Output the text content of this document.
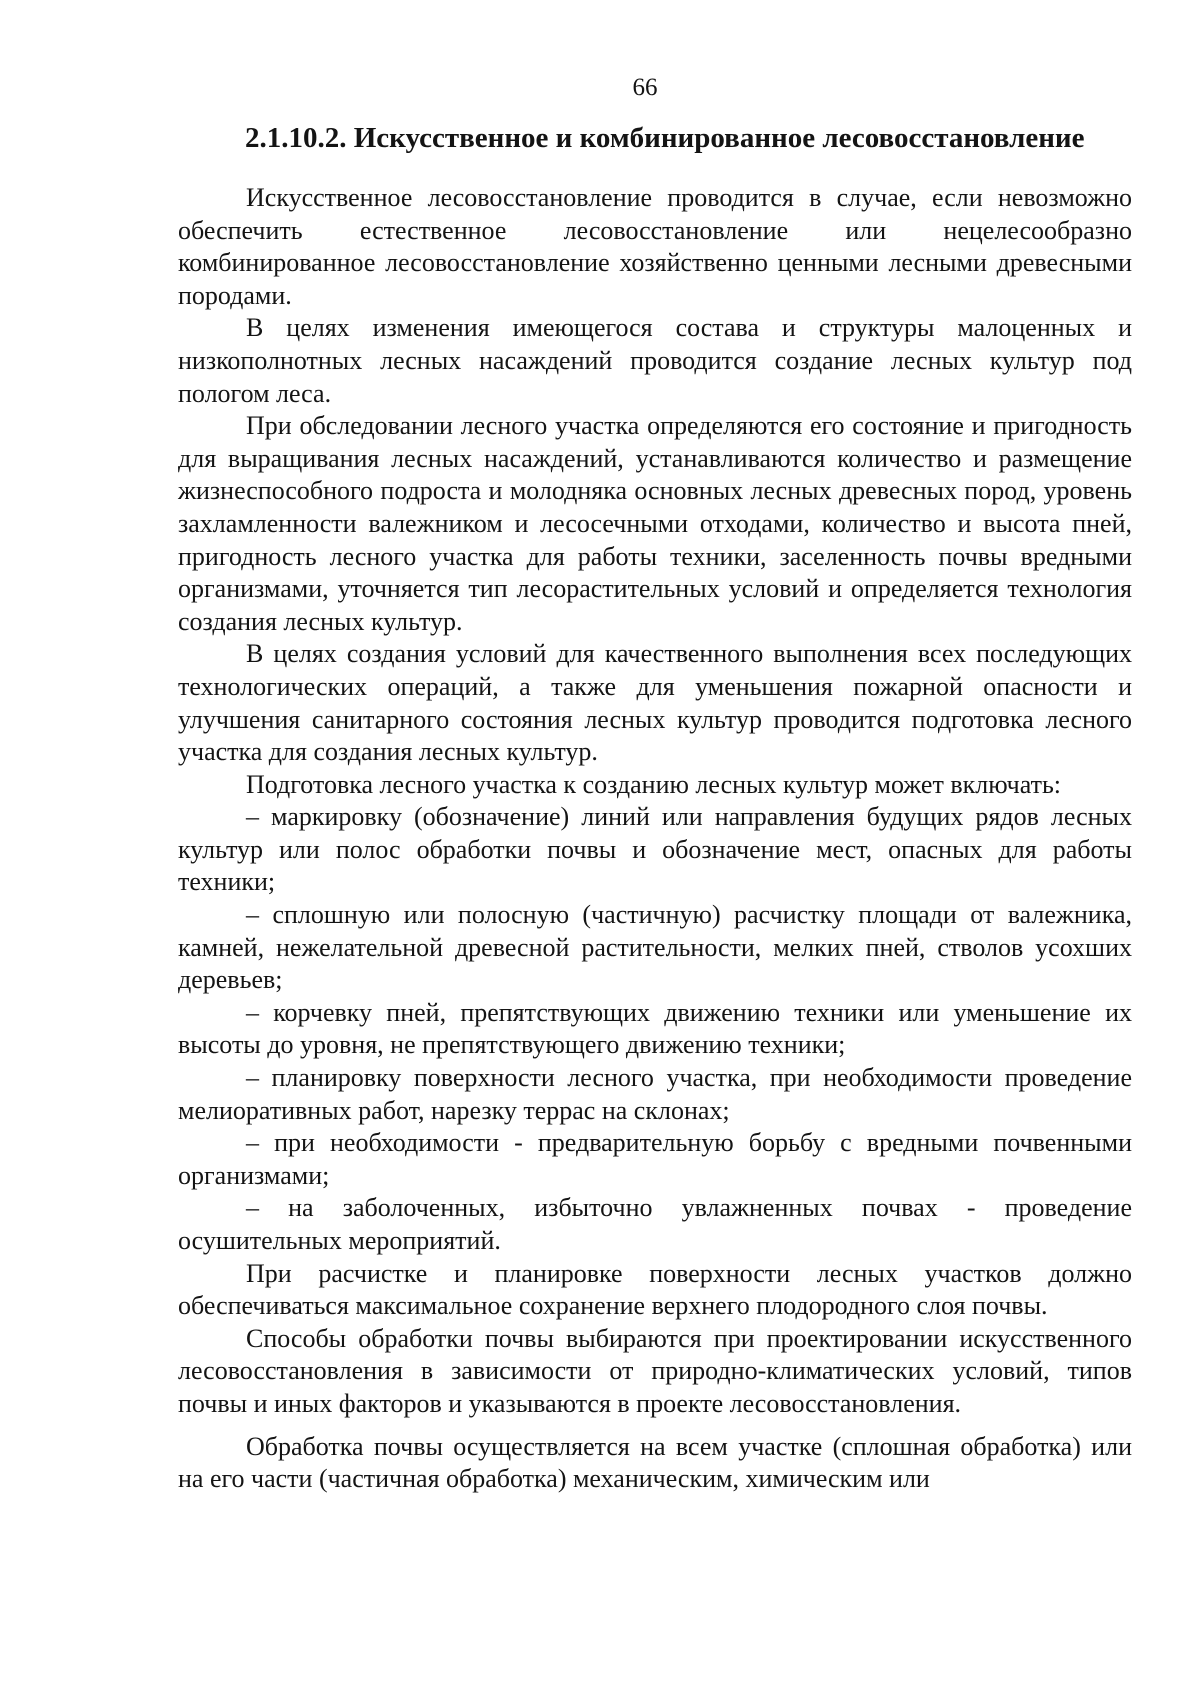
66
2.1.10.2. Искусственное и комбинированное лесовосстановление

Искусственное лесовосстановление проводится в случае, если невозможно обеспечить естественное лесовосстановление или нецелесообразно комбинированное лесовосстановление хозяйственно ценными лесными древесными породами.

В целях изменения имеющегося состава и структуры малоценных и низкополнотных лесных насаждений проводится создание лесных культур под пологом леса.

При обследовании лесного участка определяются его состояние и пригодность для выращивания лесных насаждений, устанавливаются количество и размещение жизнеспособного подроста и молодняка основных лесных древесных пород, уровень захламленности валежником и лесосечными отходами, количество и высота пней, пригодность лесного участка для работы техники, заселенность почвы вредными организмами, уточняется тип лесорастительных условий и определяется технология создания лесных культур.

В целях создания условий для качественного выполнения всех последующих технологических операций, а также для уменьшения пожарной опасности и улучшения санитарного состояния лесных культур проводится подготовка лесного участка для создания лесных культур.

Подготовка лесного участка к созданию лесных культур может включать:

– маркировку (обозначение) линий или направления будущих рядов лесных культур или полос обработки почвы и обозначение мест, опасных для работы техники;

– сплошную или полосную (частичную) расчистку площади от валежника, камней, нежелательной древесной растительности, мелких пней, стволов усохших деревьев;

– корчевку пней, препятствующих движению техники или уменьшение их высоты до уровня, не препятствующего движению техники;

– планировку поверхности лесного участка, при необходимости проведение мелиоративных работ, нарезку террас на склонах;

– при необходимости - предварительную борьбу с вредными почвенными организмами;

– на заболоченных, избыточно увлажненных почвах - проведение осушительных мероприятий.

При расчистке и планировке поверхности лесных участков должно обеспечиваться максимальное сохранение верхнего плодородного слоя почвы.

Способы обработки почвы выбираются при проектировании искусственного лесовосстановления в зависимости от природно-климатических условий, типов почвы и иных факторов и указываются в проекте лесовосстановления.

Обработка почвы осуществляется на всем участке (сплошная обработка) или на его части (частичная обработка) механическим, химическим или
